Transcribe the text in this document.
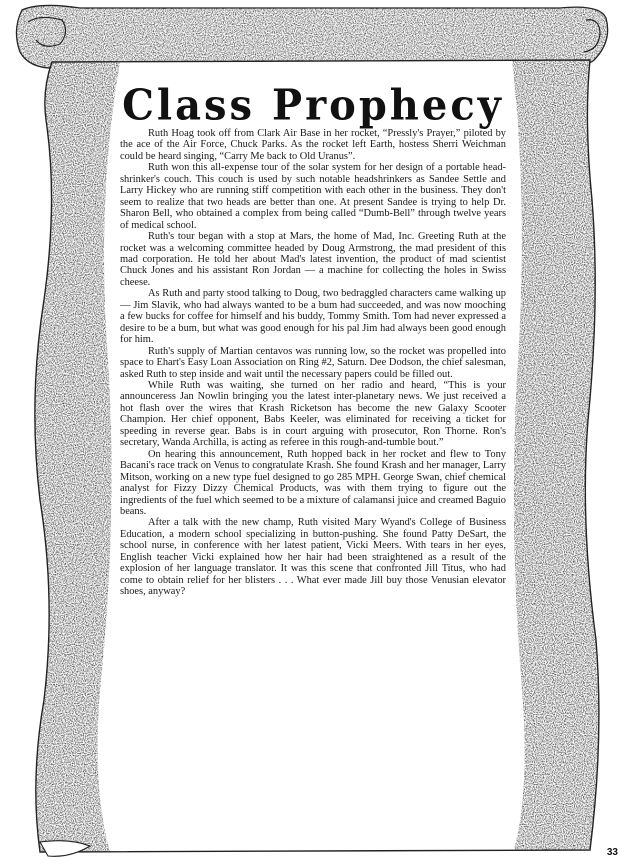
Class Prophecy

Ruth Hoag took off from Clark Air Base in her rocket, “Pressly's Prayer,” piloted by the ace of the Air Force, Chuck Parks. As the rocket left Earth, hostess Sherri Weichman could be heard singing, “Carry Me back to Old Uranus”.

Ruth won this all-expense tour of the solar system for her design of a portable head-shrinker's couch. This couch is used by such notable headshrinkers as Sandee Settle and Larry Hickey who are running stiff competition with each other in the business. They don't seem to realize that two heads are better than one. At present Sandee is trying to help Dr. Sharon Bell, who obtained a complex from being called “Dumb-Bell” through twelve years of medical school.

Ruth's tour began with a stop at Mars, the home of Mad, Inc. Greeting Ruth at the rocket was a welcoming committee headed by Doug Armstrong, the mad president of this mad corporation. He told her about Mad's latest invention, the product of mad scientist Chuck Jones and his assistant Ron Jordan — a machine for collecting the holes in Swiss cheese.

As Ruth and party stood talking to Doug, two bedraggled characters came walking up — Jim Slavik, who had always wanted to be a bum had succeeded, and was now mooching a few bucks for coffee for himself and his buddy, Tommy Smith. Tom had never expressed a desire to be a bum, but what was good enough for his pal Jim had always been good enough for him.

Ruth's supply of Martian centavos was running low, so the rocket was propelled into space to Ehart's Easy Loan Association on Ring #2, Saturn. Dee Dodson, the chief salesman, asked Ruth to step inside and wait until the necessary papers could be filled out.

While Ruth was waiting, she turned on her radio and heard, “This is your announceress Jan Nowlin bringing you the latest inter-planetary news. We just received a hot flash over the wires that Krash Ricketson has become the new Galaxy Scooter Champion. Her chief opponent, Babs Keeler, was eliminated for receiving a ticket for speeding in reverse gear. Babs is in court arguing with prosecutor, Ron Thorne. Ron's secretary, Wanda Archilla, is acting as referee in this rough-and-tumble bout.”

On hearing this announcement, Ruth hopped back in her rocket and flew to Tony Bacani's race track on Venus to congratulate Krash. She found Krash and her manager, Larry Mitson, working on a new type fuel designed to go 285 MPH. George Swan, chief chemical analyst for Fizzy Dizzy Chemical Products, was with them trying to figure out the ingredients of the fuel which seemed to be a mixture of calamansi juice and creamed Baguio beans.

After a talk with the new champ, Ruth visited Mary Wyand's College of Business Education, a modern school specializing in button-pushing. She found Patty DeSart, the school nurse, in conference with her latest patient, Vicki Meers. With tears in her eyes, English teacher Vicki explained how her hair had been straightened as a result of the explosion of her language translator. It was this scene that confronted Jill Titus, who had come to obtain relief for her blisters . . . What ever made Jill buy those Venusian elevator shoes, anyway?

33
